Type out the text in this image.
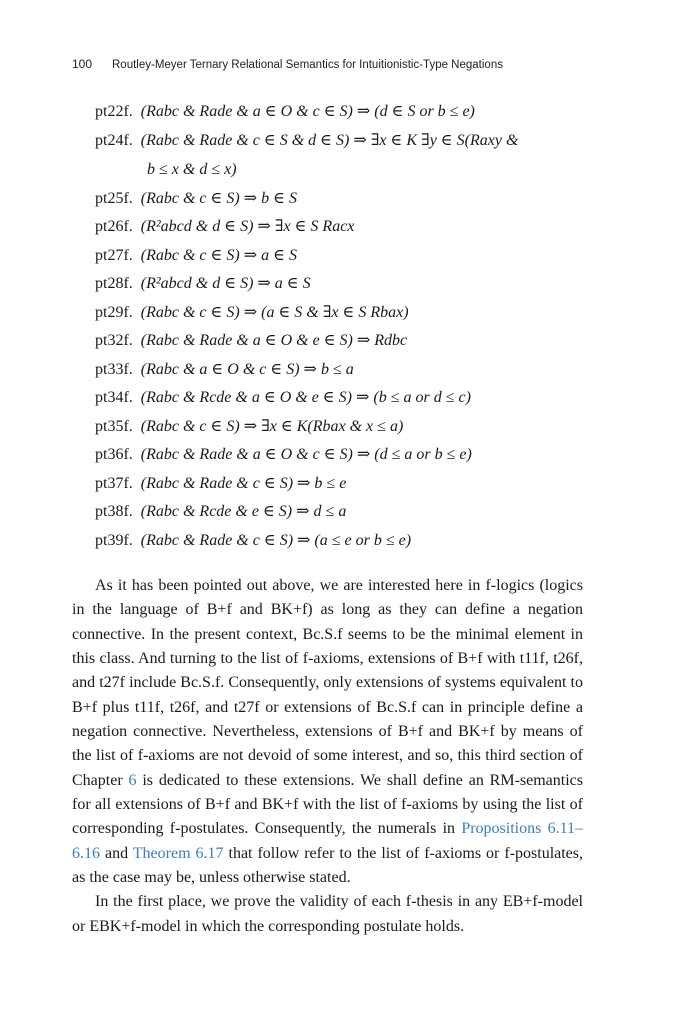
100 Routley-Meyer Ternary Relational Semantics for Intuitionistic-Type Negations
pt22f. (Rabc & Rade & a ∈ O & c ∈ S) ⇒ (d ∈ S or b ≤ e)
pt24f. (Rabc & Rade & c ∈ S & d ∈ S) ⇒ ∃x ∈ K ∃y ∈ S(Raxy &
b ≤ x & d ≤ x)
pt25f. (Rabc & c ∈ S) ⇒ b ∈ S
pt26f. (R²abcd & d ∈ S) ⇒ ∃x ∈ S Racx
pt27f. (Rabc & c ∈ S) ⇒ a ∈ S
pt28f. (R²abcd & d ∈ S) ⇒ a ∈ S
pt29f. (Rabc & c ∈ S) ⇒ (a ∈ S & ∃x ∈ S Rbax)
pt32f. (Rabc & Rade & a ∈ O & e ∈ S) ⇒ Rdbc
pt33f. (Rabc & a ∈ O & c ∈ S) ⇒ b ≤ a
pt34f. (Rabc & Rcde & a ∈ O & e ∈ S) ⇒ (b ≤ a or d ≤ c)
pt35f. (Rabc & c ∈ S) ⇒ ∃x ∈ K(Rbax & x ≤ a)
pt36f. (Rabc & Rade & a ∈ O & c ∈ S) ⇒ (d ≤ a or b ≤ e)
pt37f. (Rabc & Rade & c ∈ S) ⇒ b ≤ e
pt38f. (Rabc & Rcde & e ∈ S) ⇒ d ≤ a
pt39f. (Rabc & Rade & c ∈ S) ⇒ (a ≤ e or b ≤ e)

As it has been pointed out above, we are interested here in f-logics (logics in the language of B+f and BK+f) as long as they can define a negation connective. In the present context, Bc.S.f seems to be the minimal element in this class. And turning to the list of f-axioms, extensions of B+f with t11f, t26f, and t27f include Bc.S.f. Consequently, only extensions of systems equivalent to B+f plus t11f, t26f, and t27f or extensions of Bc.S.f can in principle define a negation connective. Nevertheless, extensions of B+f and BK+f by means of the list of f-axioms are not devoid of some interest, and so, this third section of Chapter 6 is dedicated to these extensions. We shall define an RM-semantics for all extensions of B+f and BK+f with the list of f-axioms by using the list of corresponding f-postulates. Consequently, the numerals in Propositions 6.11–6.16 and Theorem 6.17 that follow refer to the list of f-axioms or f-postulates, as the case may be, unless otherwise stated.

In the first place, we prove the validity of each f-thesis in any EB+f-model or EBK+f-model in which the corresponding postulate holds.
